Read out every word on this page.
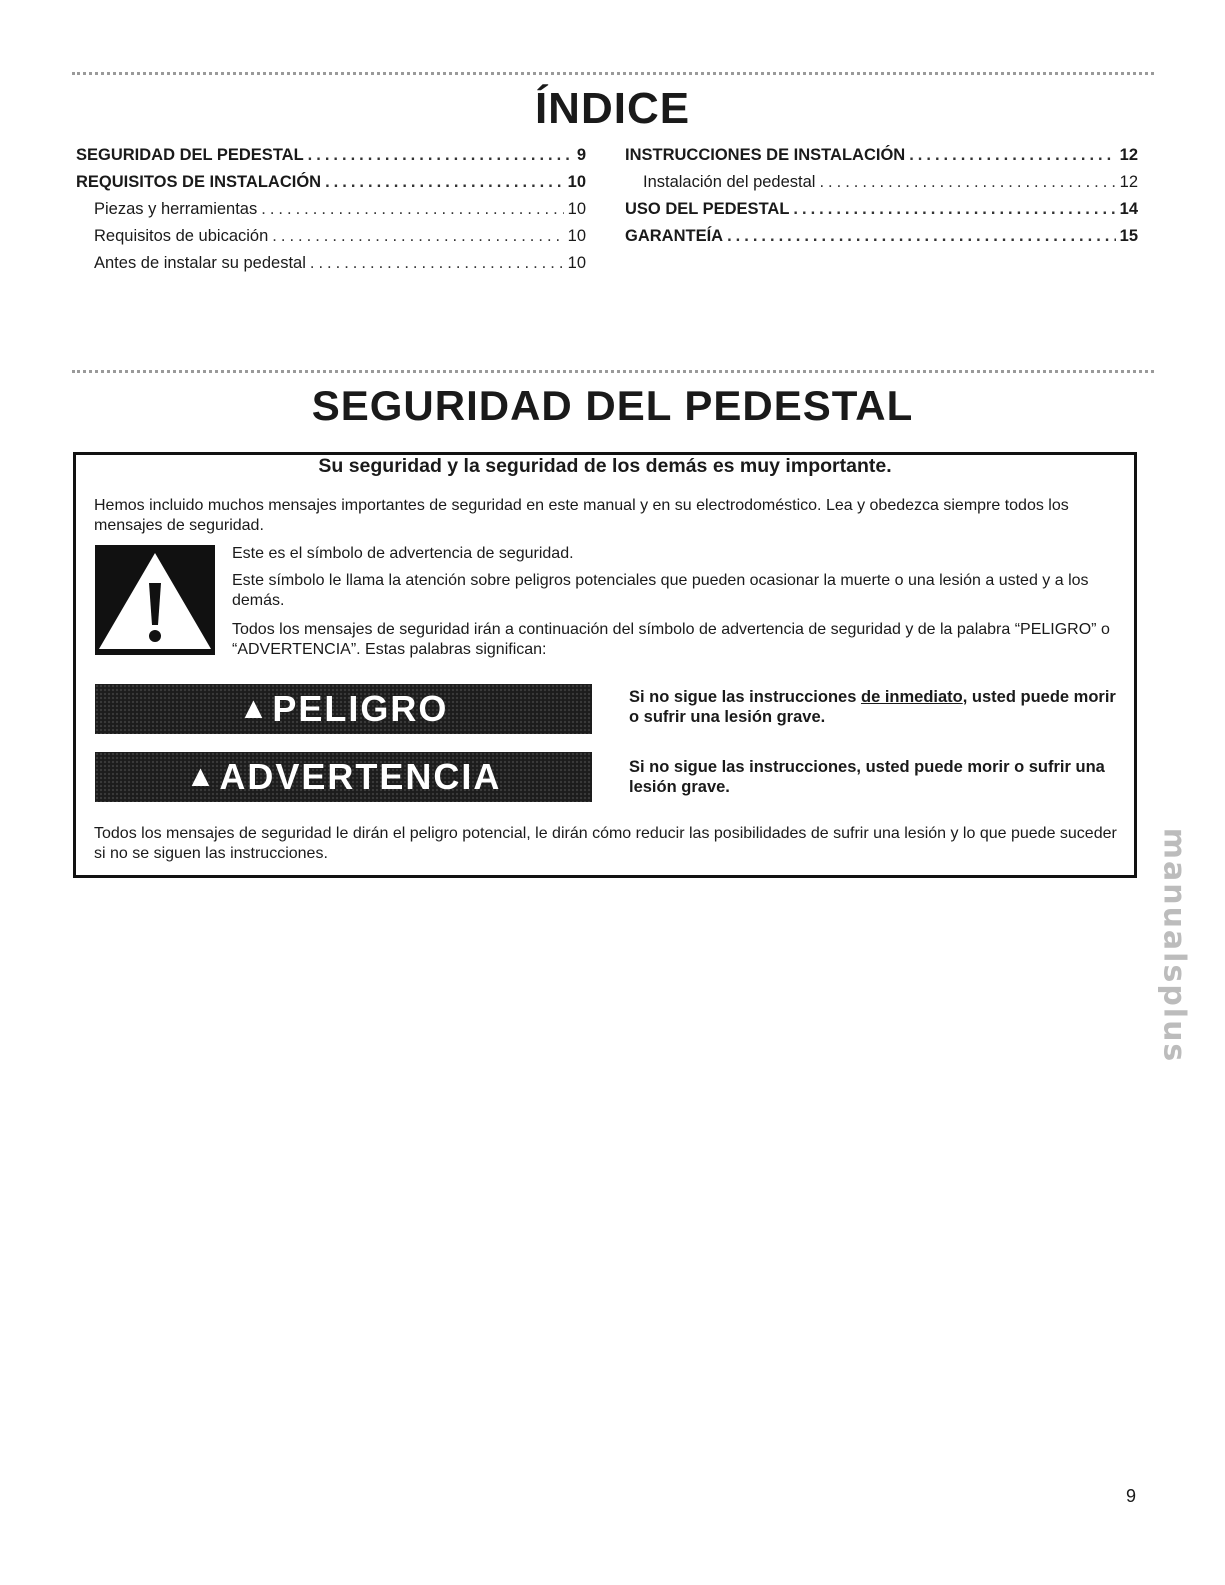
ÍNDICE
SEGURIDAD DEL PEDESTAL .....	9
REQUISITOS DE INSTALACIÓN .....	10
Piezas y herramientas .....	10
Requisitos de ubicación .....	10
Antes de instalar su pedestal .....	10
INSTRUCCIONES DE INSTALACIÓN .....	12
Instalación del pedestal .....	12
USO DEL PEDESTAL .....	14
GARANTEÍA .....	15
SEGURIDAD DEL PEDESTAL
Su seguridad y la seguridad de los demás es muy importante.
Hemos incluido muchos mensajes importantes de seguridad en este manual y en su electrodoméstico. Lea y obedezca siempre todos los mensajes de seguridad.
Este es el símbolo de advertencia de seguridad.
Este símbolo le llama la atención sobre peligros potenciales que pueden ocasionar la muerte o una lesión a usted y a los demás.
Todos los mensajes de seguridad irán a continuación del símbolo de advertencia de seguridad y de la palabra “PELIGRO” o “ADVERTENCIA”. Estas palabras significan:
▲ PELIGRO	Si no sigue las instrucciones de inmediato, usted puede morir o sufrir una lesión grave.
▲ ADVERTENCIA	Si no sigue las instrucciones, usted puede morir o sufrir una lesión grave.
Todos los mensajes de seguridad le dirán el peligro potencial, le dirán cómo reducir las posibilidades de sufrir una lesión y lo que puede suceder si no se siguen las instrucciones.	manualsplus
9
